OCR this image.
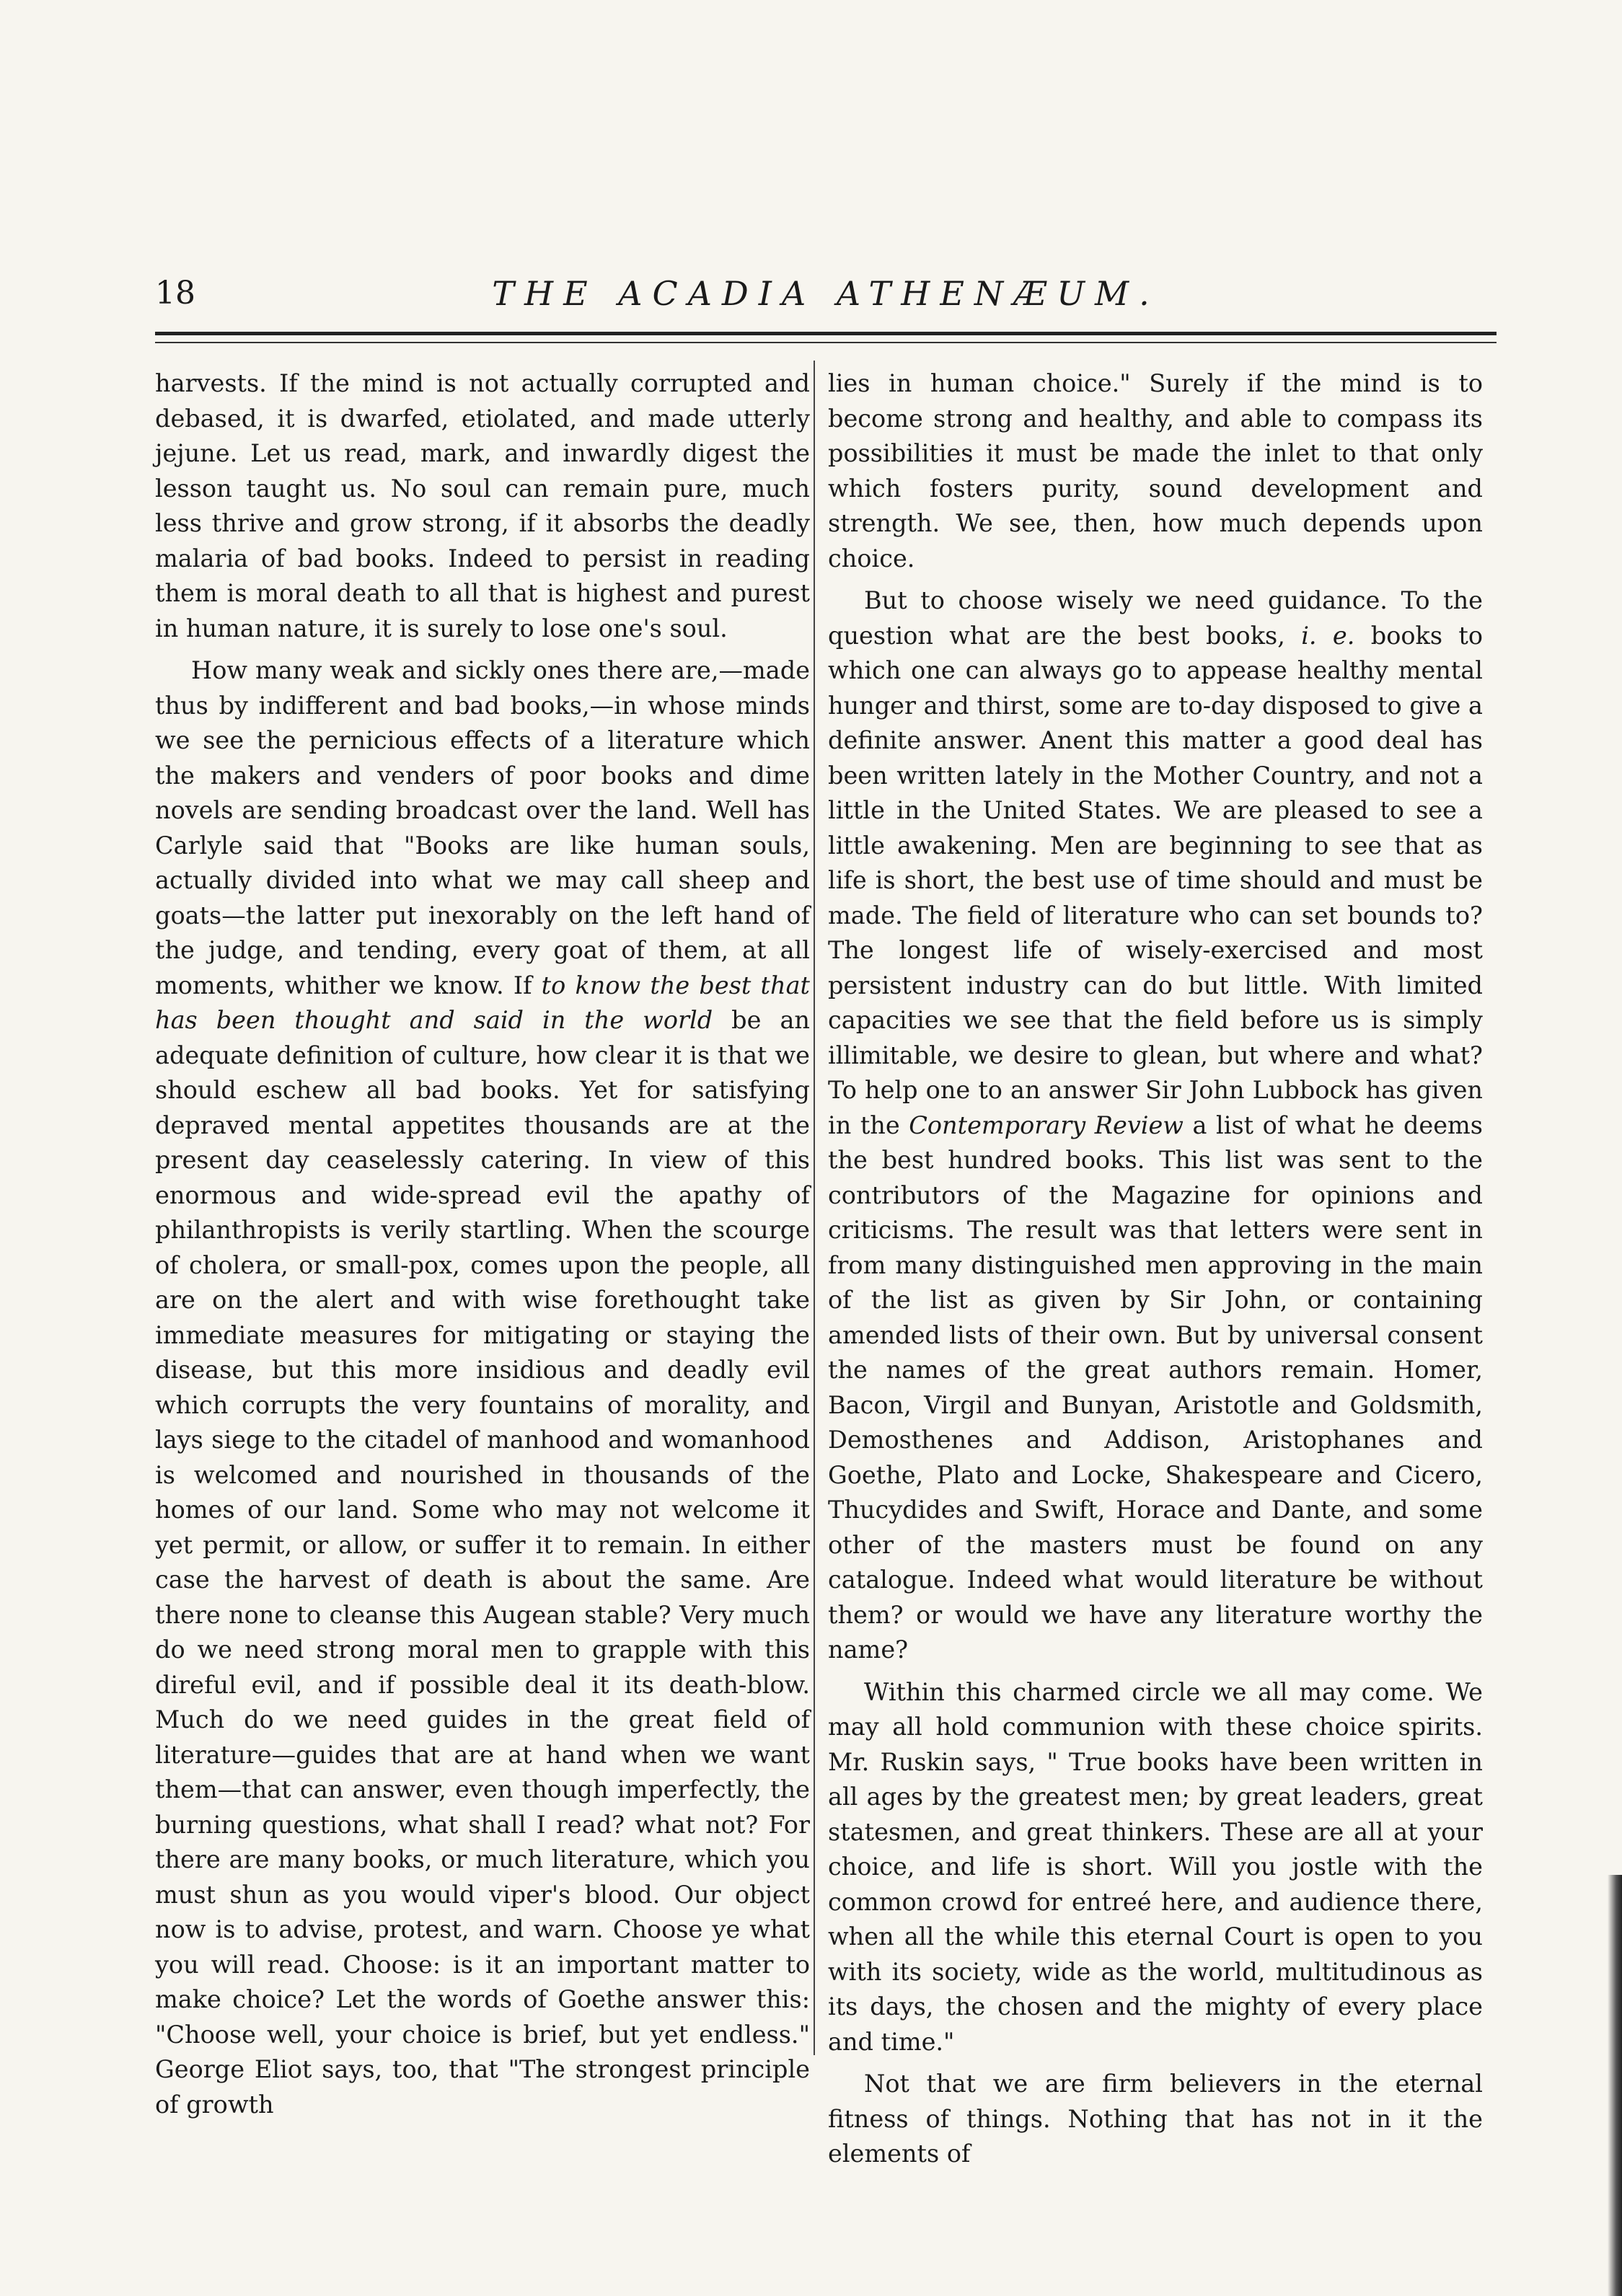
18	THE ACADIA ATHENÆUM.

harvests. If the mind is not actually corrupted and debased, it is dwarfed, etiolated, and made utterly jejune. Let us read, mark, and inwardly digest the lesson taught us. No soul can remain pure, much less thrive and grow strong, if it absorbs the deadly malaria of bad books. Indeed to persist in reading them is moral death to all that is highest and purest in human nature, it is surely to lose one's soul.

How many weak and sickly ones there are,—made thus by indifferent and bad books,—in whose minds we see the pernicious effects of a literature which the makers and venders of poor books and dime novels are sending broadcast over the land. Well has Carlyle said that "Books are like human souls, actually divided into what we may call sheep and goats—the latter put inexorably on the left hand of the judge, and tending, every goat of them, at all moments, whither we know. If to know the best that has been thought and said in the world be an adequate definition of culture, how clear it is that we should eschew all bad books. Yet for satisfying depraved mental appetites thousands are at the present day ceaselessly catering. In view of this enormous and wide-spread evil the apathy of philanthropists is verily startling. When the scourge of cholera, or small-pox, comes upon the people, all are on the alert and with wise forethought take immediate measures for mitigating or staying the disease, but this more insidious and deadly evil which corrupts the very fountains of morality, and lays siege to the citadel of manhood and womanhood is welcomed and nourished in thousands of the homes of our land. Some who may not welcome it yet permit, or allow, or suffer it to remain. In either case the harvest of death is about the same. Are there none to cleanse this Augean stable? Very much do we need strong moral men to grapple with this direful evil, and if possible deal it its death-blow. Much do we need guides in the great field of literature—guides that are at hand when we want them—that can answer, even though imperfectly, the burning questions, what shall I read? what not? For there are many books, or much literature, which you must shun as you would viper's blood. Our object now is to advise, protest, and warn. Choose ye what you will read. Choose: is it an important matter to make choice? Let the words of Goethe answer this: "Choose well, your choice is brief, but yet endless." George Eliot says, too, that "The strongest principle of growth

lies in human choice." Surely if the mind is to become strong and healthy, and able to compass its possibilities it must be made the inlet to that only which fosters purity, sound development and strength. We see, then, how much depends upon choice.

But to choose wisely we need guidance. To the question what are the best books, i. e. books to which one can always go to appease healthy mental hunger and thirst, some are to-day disposed to give a definite answer. Anent this matter a good deal has been written lately in the Mother Country, and not a little in the United States. We are pleased to see a little awakening. Men are beginning to see that as life is short, the best use of time should and must be made. The field of literature who can set bounds to? The longest life of wisely-exercised and most persistent industry can do but little. With limited capacities we see that the field before us is simply illimitable, we desire to glean, but where and what? To help one to an answer Sir John Lubbock has given in the Contemporary Review a list of what he deems the best hundred books. This list was sent to the contributors of the Magazine for opinions and criticisms. The result was that letters were sent in from many distinguished men approving in the main of the list as given by Sir John, or containing amended lists of their own. But by universal consent the names of the great authors remain. Homer, Bacon, Virgil and Bunyan, Aristotle and Goldsmith, Demosthenes and Addison, Aristophanes and Goethe, Plato and Locke, Shakespeare and Cicero, Thucydides and Swift, Horace and Dante, and some other of the masters must be found on any catalogue. Indeed what would literature be without them? or would we have any literature worthy the name?

Within this charmed circle we all may come. We may all hold communion with these choice spirits. Mr. Ruskin says, " True books have been written in all ages by the greatest men; by great leaders, great statesmen, and great thinkers. These are all at your choice, and life is short. Will you jostle with the common crowd for entreé here, and audience there, when all the while this eternal Court is open to you with its society, wide as the world, multitudinous as its days, the chosen and the mighty of every place and time."

Not that we are firm believers in the eternal fitness of things. Nothing that has not in it the elements of
